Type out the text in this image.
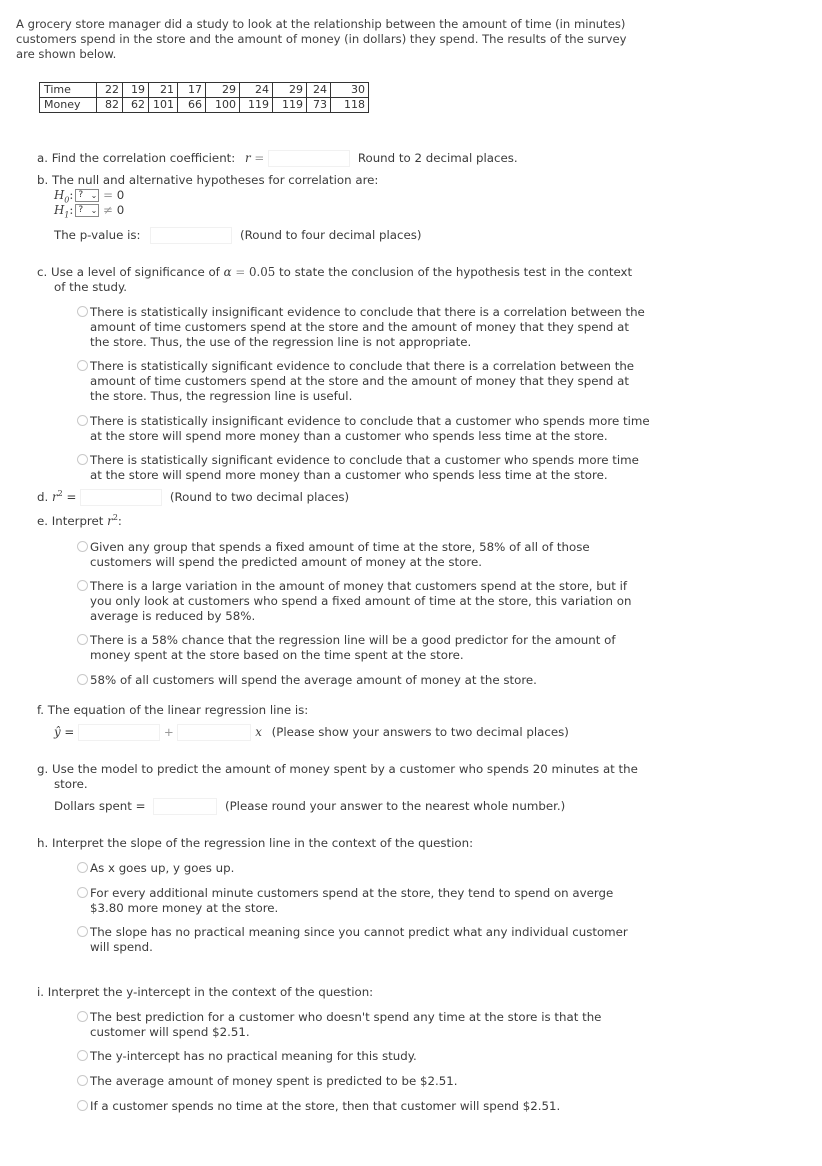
A grocery store manager did a study to look at the relationship between the amount of time (in minutes) customers spend in the store and the amount of money (in dollars) they spend. The results of the survey are shown below.
Time	22	19	21	17	29	24	29	24	30
Money	82	62	101	66	100	119	119	73	118
a. Find the correlation coefficient: r =	Round to 2 decimal places.
b. The null and alternative hypotheses for correlation are:
$H_0$: ? ⌄ = 0
$H_1$: ? ⌄ ≠ 0
The p-value is:	(Round to four decimal places)
c. Use a level of significance of α = 0.05 to state the conclusion of the hypothesis test in the context
of the study.
There is statistically insignificant evidence to conclude that there is a correlation between the amount of time customers spend at the store and the amount of money that they spend at the store. Thus, the use of the regression line is not appropriate.
There is statistically significant evidence to conclude that there is a correlation between the amount of time customers spend at the store and the amount of money that they spend at the store. Thus, the regression line is useful.
There is statistically insignificant evidence to conclude that a customer who spends more time at the store will spend more money than a customer who spends less time at the store.
There is statistically significant evidence to conclude that a customer who spends more time at the store will spend more money than a customer who spends less time at the store.
d. $r^2$ =	(Round to two decimal places)
e. Interpret $r^2$:
Given any group that spends a fixed amount of time at the store, 58% of all of those customers will spend the predicted amount of money at the store.
There is a large variation in the amount of money that customers spend at the store, but if you only look at customers who spend a fixed amount of time at the store, this variation on average is reduced by 58%.
There is a 58% chance that the regression line will be a good predictor for the amount of money spent at the store based on the time spent at the store.
58% of all customers will spend the average amount of money at the store.
f. The equation of the linear regression line is:
ŷ =	+	x (Please show your answers to two decimal places)
g. Use the model to predict the amount of money spent by a customer who spends 20 minutes at the
store.
Dollars spent =	(Please round your answer to the nearest whole number.)
h. Interpret the slope of the regression line in the context of the question:
As x goes up, y goes up.
For every additional minute customers spend at the store, they tend to spend on averge $3.80 more money at the store.
The slope has no practical meaning since you cannot predict what any individual customer will spend.
i. Interpret the y-intercept in the context of the question:
The best prediction for a customer who doesn't spend any time at the store is that the customer will spend $2.51.
The y-intercept has no practical meaning for this study.
The average amount of money spent is predicted to be $2.51.
If a customer spends no time at the store, then that customer will spend $2.51.
